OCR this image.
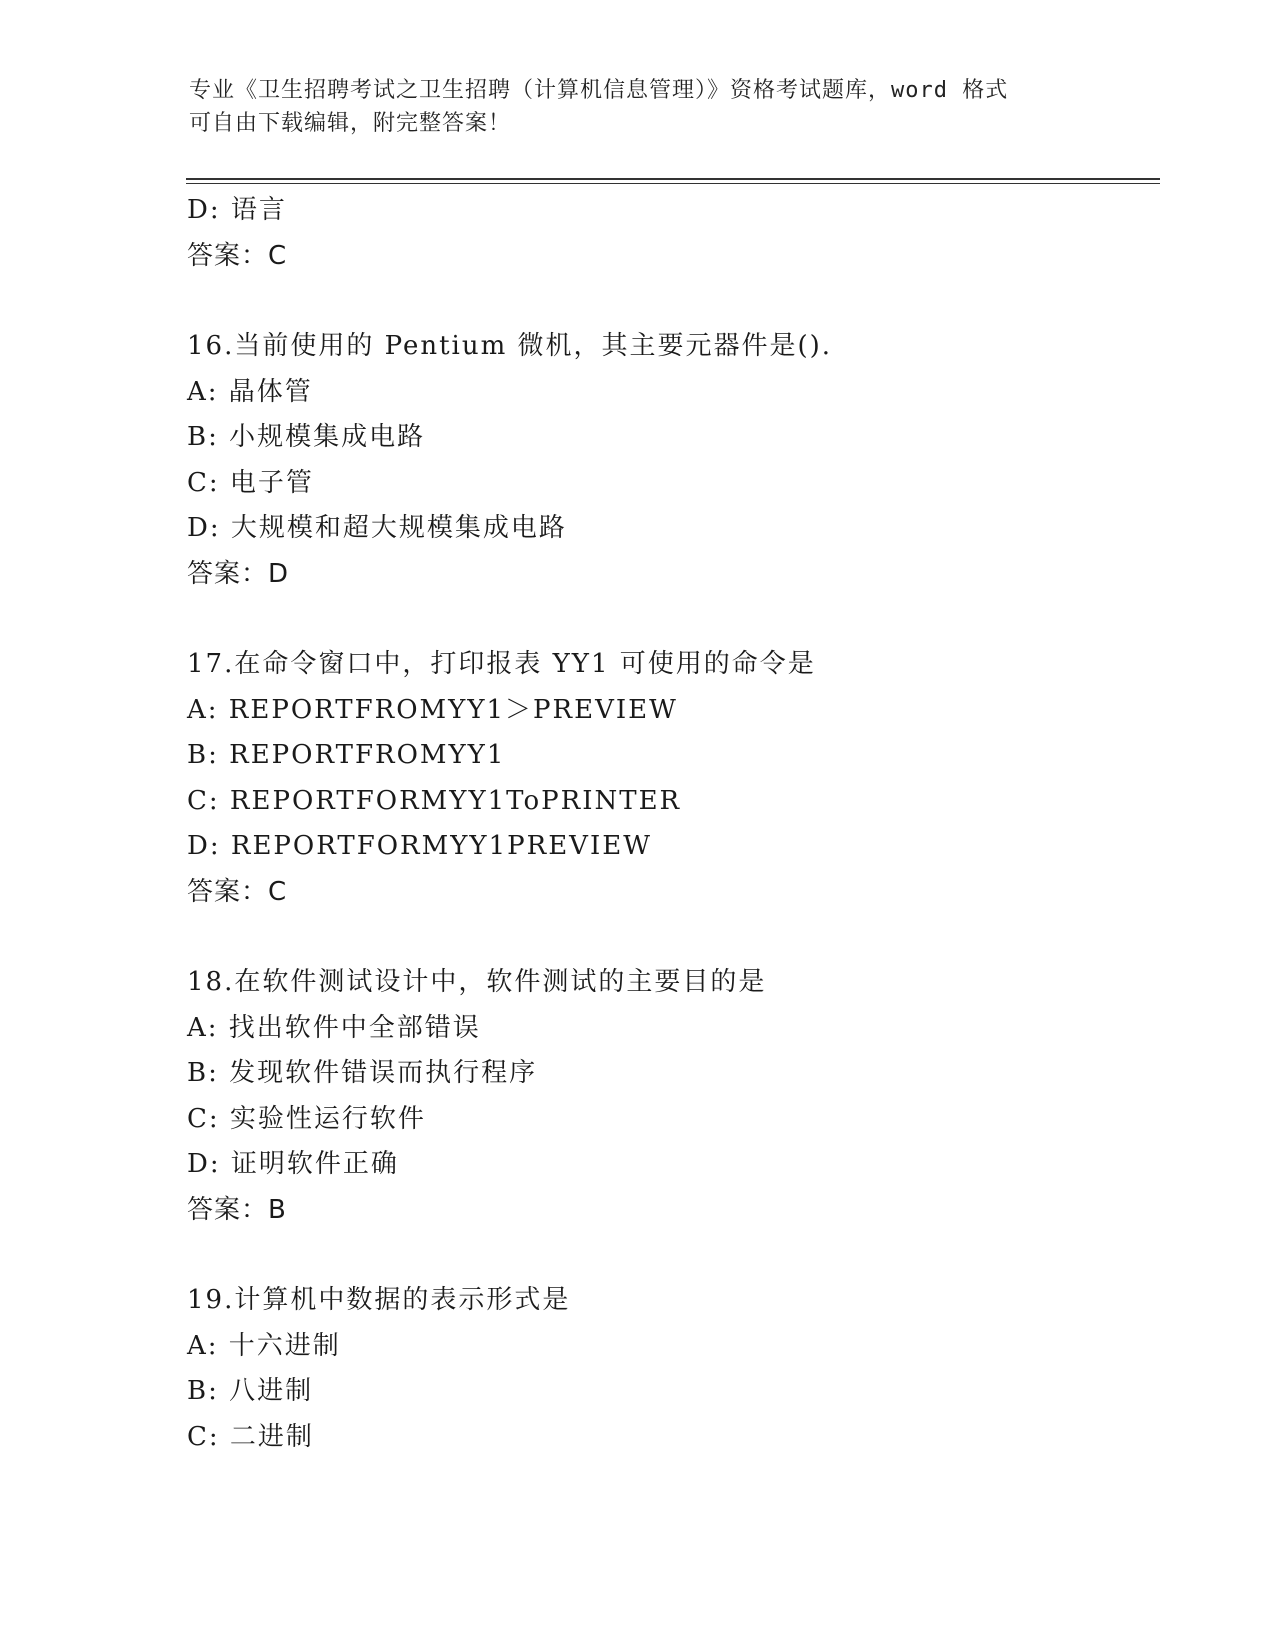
专业《卫生招聘考试之卫生招聘（计算机信息管理）》资格考试题库，word 格式
可自由下载编辑，附完整答案！
D: 语言
答案：C
16.当前使用的 Pentium 微机，其主要元器件是().
A: 晶体管
B: 小规模集成电路
C: 电子管
D: 大规模和超大规模集成电路
答案：D
17.在命令窗口中，打印报表 YY1 可使用的命令是
A: REPORTFROMYY1＞PREVIEW
B: REPORTFROMYY1
C: REPORTFORMYY1ToPRINTER
D: REPORTFORMYY1PREVIEW
答案：C
18.在软件测试设计中，软件测试的主要目的是
A: 找出软件中全部错误
B: 发现软件错误而执行程序
C: 实验性运行软件
D: 证明软件正确
答案：B
19.计算机中数据的表示形式是
A: 十六进制
B: 八进制
C: 二进制
